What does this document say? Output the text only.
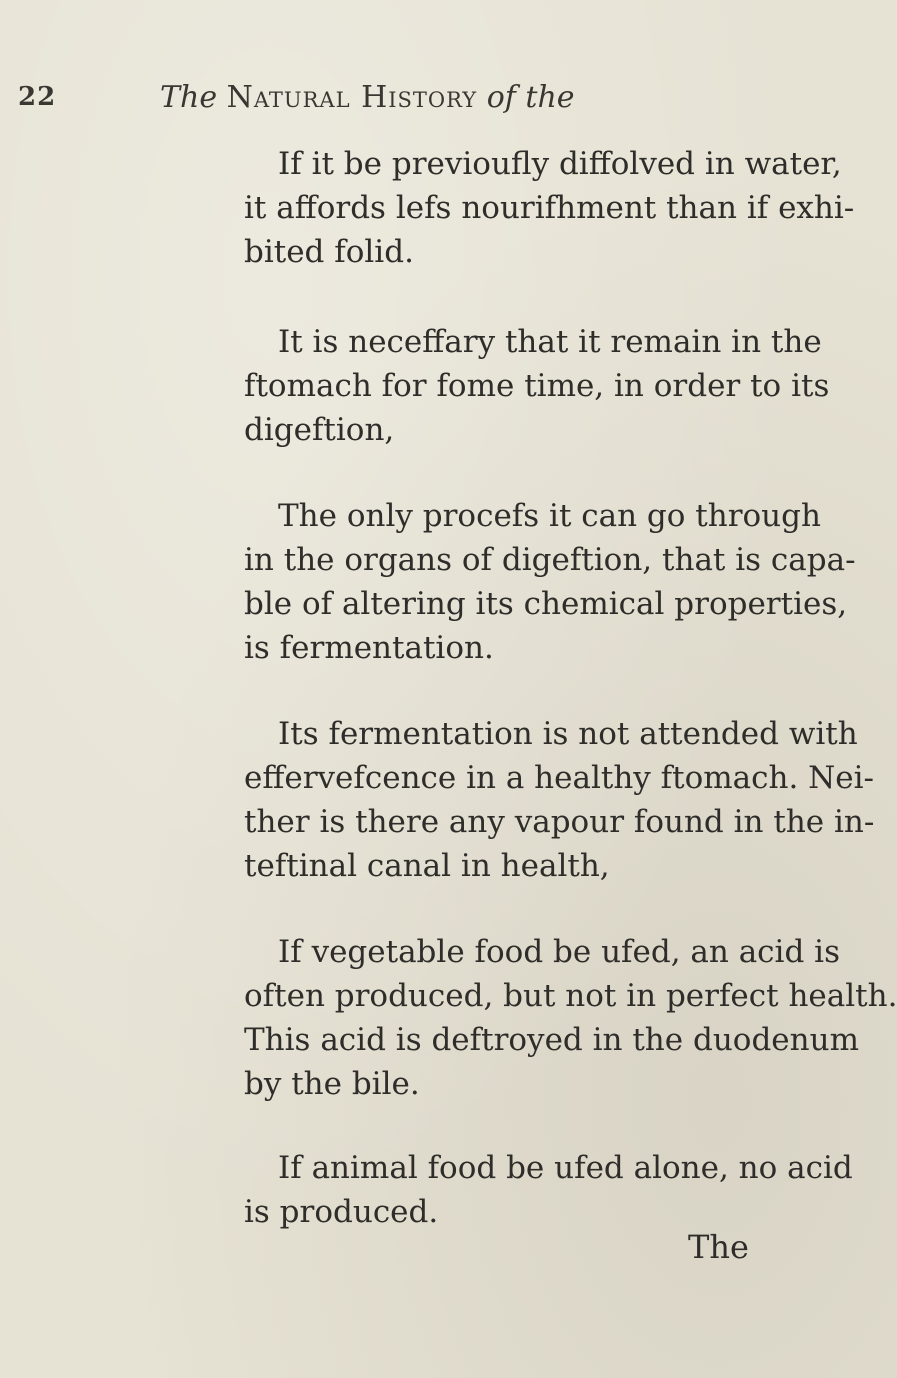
22	The Natural History of the
If it be previoufly diffolved in water,
it affords lefs nourifhment than if exhi-
bited folid.
It is neceffary that it remain in the
ftomach for fome time, in order to its
digeftion,
The only procefs it can go through
in the organs of digeftion, that is capa-
ble of altering its chemical properties,
is fermentation.
Its fermentation is not attended with
effervefcence in a healthy ftomach. Nei-
ther is there any vapour found in the in-
teftinal canal in health,
If vegetable food be ufed, an acid is
often produced, but not in perfect health.
This acid is deftroyed in the duodenum
by the bile.
If animal food be ufed alone, no acid
is produced.
The
